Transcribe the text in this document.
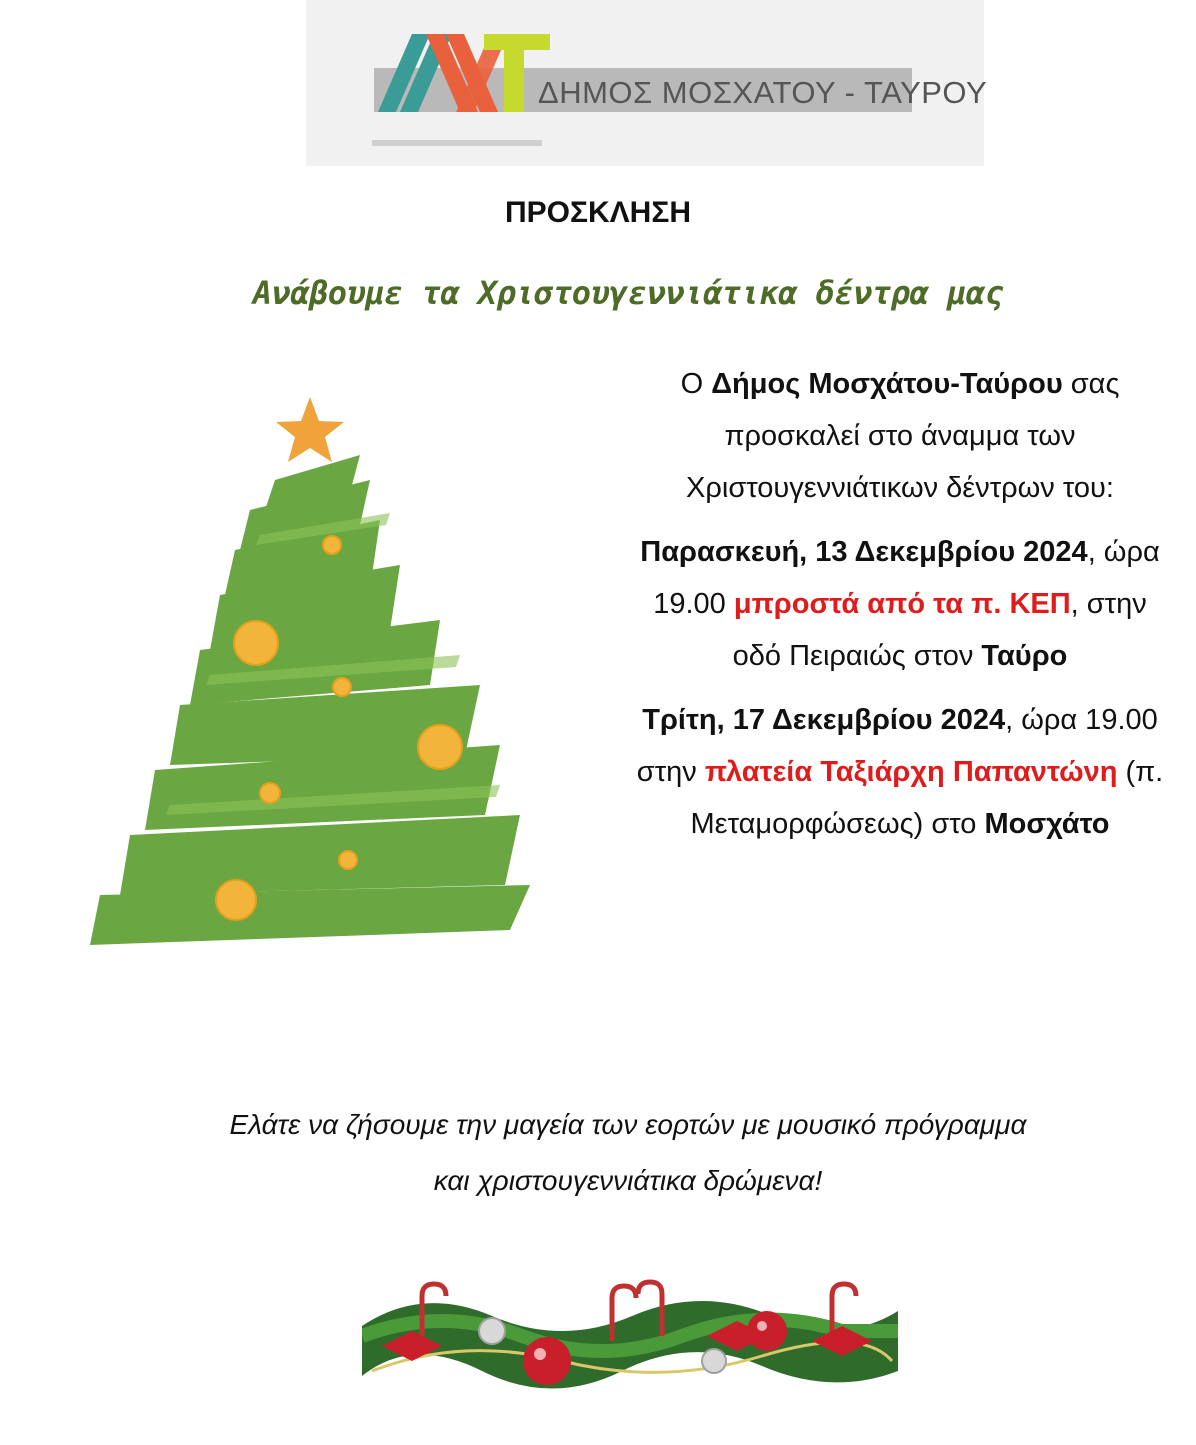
ΔΗΜΟΣ ΜΟΣΧΑΤΟΥ - ΤΑΥΡΟΥ
ΠΡΟΣΚΛΗΣΗ
Ανάβουμε τα Χριστουγεννιάτικα δέντρα μας

Ο Δήμος Μοσχάτου-Ταύρου σας προσκαλεί στο άναμμα των Χριστουγεννιάτικων δέντρων του:

Παρασκευή, 13 Δεκεμβρίου 2024, ώρα 19.00 μπροστά από τα π. ΚΕΠ, στην οδό Πειραιώς στον Ταύρο

Τρίτη, 17 Δεκεμβρίου 2024, ώρα 19.00 στην πλατεία Ταξιάρχη Παπαντώνη (π. Μεταμορφώσεως) στο Μοσχάτο

Ελάτε να ζήσουμε την μαγεία των εορτών με μουσικό πρόγραμμα
και χριστουγεννιάτικα δρώμενα!
